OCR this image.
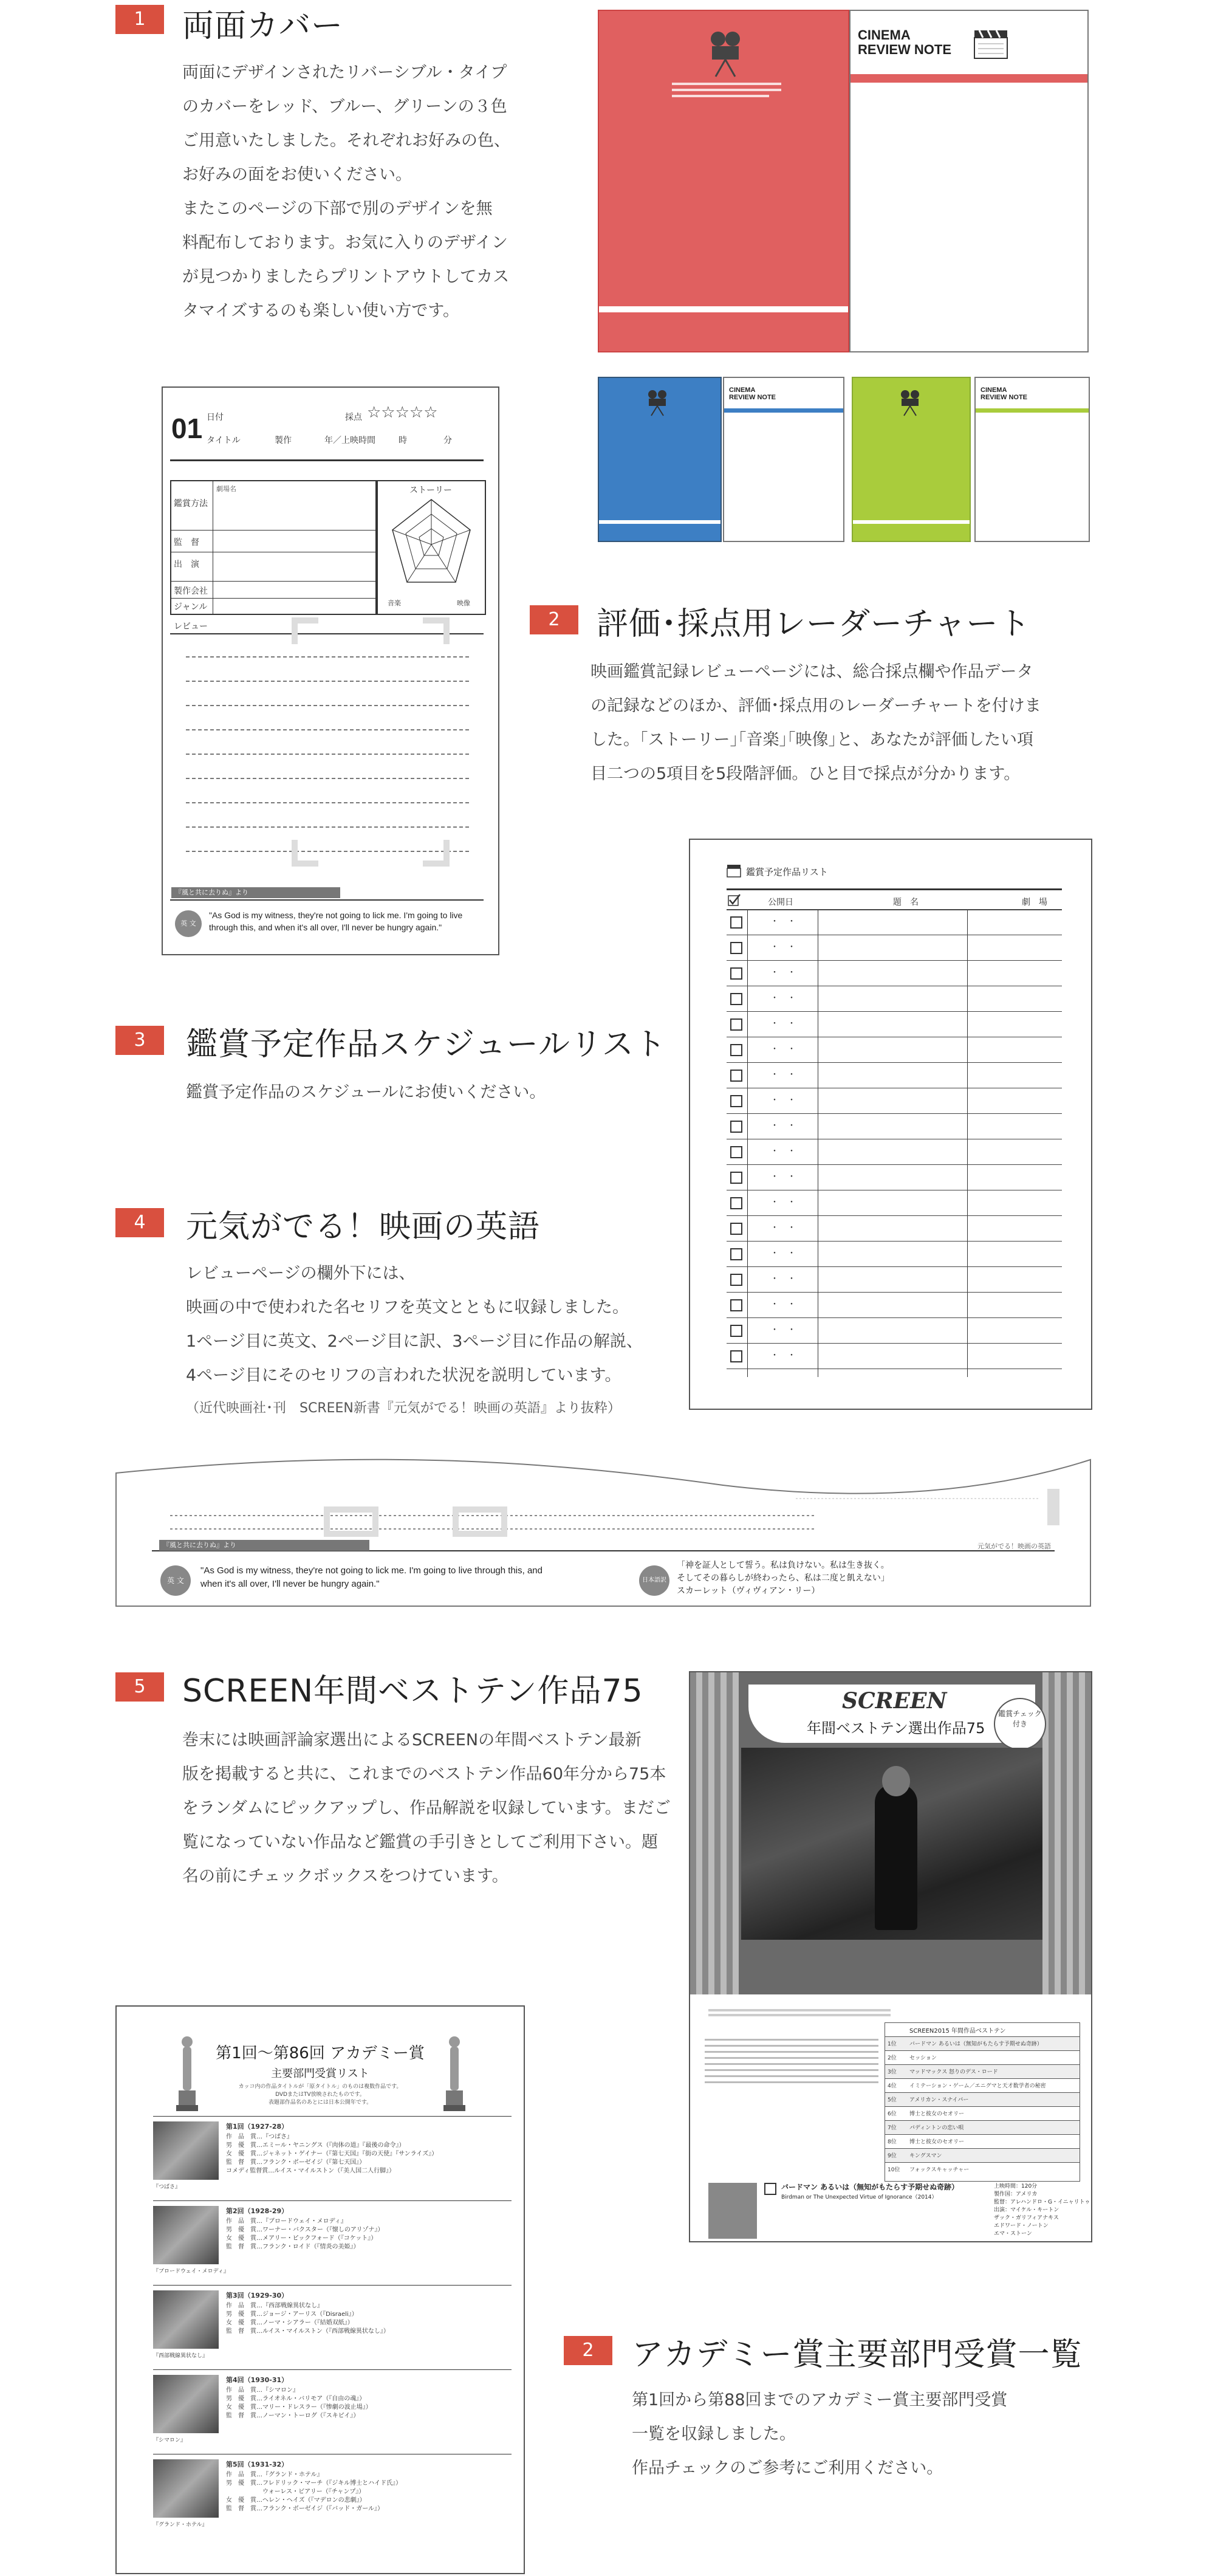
1	両面カバー
両面にデザインされたリバーシブル・タイプ
のカバーをレッド、ブルー、グリーンの３色
ご用意いたしました。それぞれお好みの色、
お好みの面をお使いください。
またこのページの下部で別のデザインを無
料配布しております。お気に入りのデザイン
が見つかりましたらプリントアウトしてカス
タマイズするのも楽しい使い方です。
CINEMA
REVIEW NOTE
CINEMA
REVIEW NOTE
CINEMA
REVIEW NOTE
01 日付	採点 ☆☆☆☆☆
タイトル	製作	年／上映時間	時	分
鑑賞方法
監　督
出　演
製作会社
ジャンル
劇場名	ストーリー
音楽	映像
レビュー
『風と共に去りぬ』より
英 文
"As God is my witness, they're not going to lick me. I'm going to live through this, and when it's all over, I'll never be hungry again."
2	評価･採点用レーダーチャート
映画鑑賞記録レビューページには、総合採点欄や作品データ
の記録などのほか、評価･採点用のレーダーチャートを付けま
した。｢ストーリー｣｢音楽｣｢映像｣と、あなたが評価したい項
目二つの5項目を5段階評価。ひと目で採点が分かります。
鑑賞予定作品リスト
公開日	題　名	劇　場
・　・
・　・
・　・
・　・
・　・
・　・
・　・
・　・
・　・
・　・
・　・
・　・
・　・
・　・
・　・
・　・
・　・
・　・
3	鑑賞予定作品スケジュールリスト
鑑賞予定作品のスケジュールにお使いください。
4	元気がでる！映画の英語
レビューページの欄外下には、
映画の中で使われた名セリフを英文とともに収録しました。
1ページ目に英文、2ページ目に訳、3ページ目に作品の解説、
4ページ目にそのセリフの言われた状況を説明しています。
（近代映画社･刊　SCREEN新書『元気がでる！映画の英語』より抜粋）
『風と共に去りぬ』より	元気がでる！映画の英語
英 文
"As God is my witness, they're not going to lick me. I'm going to live through this, and when it's all over, I'll never be hungry again."	日本語訳
「神を証人として誓う。私は負けない。私は生き抜く。
そしてその暮らしが終わったら、私は二度と飢えない」
スカーレット（ヴィヴィアン・リー）
5	SCREEN年間ベストテン作品75
巻末には映画評論家選出によるSCREENの年間ベストテン最新
版を掲載すると共に、これまでのベストテン作品60年分から75本
をランダムにピックアップし、作品解説を収録しています。まだご
覧になっていない作品など鑑賞の手引きとしてご利用下さい。題
名の前にチェックボックスをつけています。
SCREEN
年間ベストテン選出作品75
鑑賞チェック付き
SCREEN2015 年間作品ベストテン
1位 バードマン あるいは（無知がもたらす予期せぬ奇跡）
2位 セッション
3位 マッドマックス 怒りのデス・ロード
4位 イミテーション・ゲーム／エニグマと天才数学者の秘密
5位 アメリカン・スナイパー
6位 博士と彼女のセオリー
7位 パディントンの恋い唄
8位 博士と彼女のセオリー
9位 キングスマン
10位 フォックスキャッチャー
バードマン あるいは（無知がもたらす予期せぬ奇跡）
Birdman or The Unexpected Virtue of Ignorance（2014）
上映時間：120分
製作国：アメリカ
監督：アレハンドロ・G・イニャリトゥ
出演：マイケル・キートン
ザック・ガリフィアナキス
エドワード・ノートン
エマ・ストーン
第1回〜第86回 アカデミー賞
主要部門受賞リスト
カッコ内の作品タイトルが「原タイトル」のものは複数作品です。
DVDまたはTV放映されたものです。
表題部作品名のあとには日本公開年です。
『つばさ』
第1回（1927-28）
作　品　賞…『つばさ』
男　優　賞…エミール・ヤニングス（『肉体の道』『最後の命令』）
女　優　賞…ジャネット・ゲイナー（『第七天国』『街の天使』『サンライズ』）
監　督　賞…フランク・ボーゼイジ（『第七天国』）
コメディ監督賞…ルイス・マイルストン（『美人国二人行脚』）
『ブロードウェイ・メロディ』
第2回（1928-29）
作　品　賞…『ブロードウェイ・メロディ』
男　優　賞…ワーナー・バクスター（『懐しのアリゾナ』）
女　優　賞…メアリー・ピックフォード（『コケット』）
監　督　賞…フランク・ロイド（『情炎の美姫』）
『西部戦線異状なし』
第3回（1929-30）
作　品　賞…『西部戦線異状なし』
男　優　賞…ジョージ・アーリス（『Disraeli』）
女　優　賞…ノーマ・シアラー（『結婚双紙』）
監　督　賞…ルイス・マイルストン（『西部戦線異状なし』）
『シマロン』
第4回（1930-31）
作　品　賞…『シマロン』
男　優　賞…ライオネル・バリモア（『自由の魂』）
女　優　賞…マリー・ドレスラー（『惨劇の波止場』）
監　督　賞…ノーマン・トーログ（『スキピイ』）
『グランド・ホテル』
第5回（1931-32）
作　品　賞…『グランド・ホテル』
男　優　賞…フレドリック・マーチ（『ジキル博士とハイド氏』）
　　　　　　ウォーレス・ビアリー（『チャンプ』）
女　優　賞…ヘレン・ヘイズ（『マデロンの悲劇』）
監　督　賞…フランク・ボーゼイジ（『バッド・ガール』）
2	アカデミー賞主要部門受賞一覧
第1回から第88回までのアカデミー賞主要部門受賞
一覧を収録しました。
作品チェックのご参考にご利用ください。
